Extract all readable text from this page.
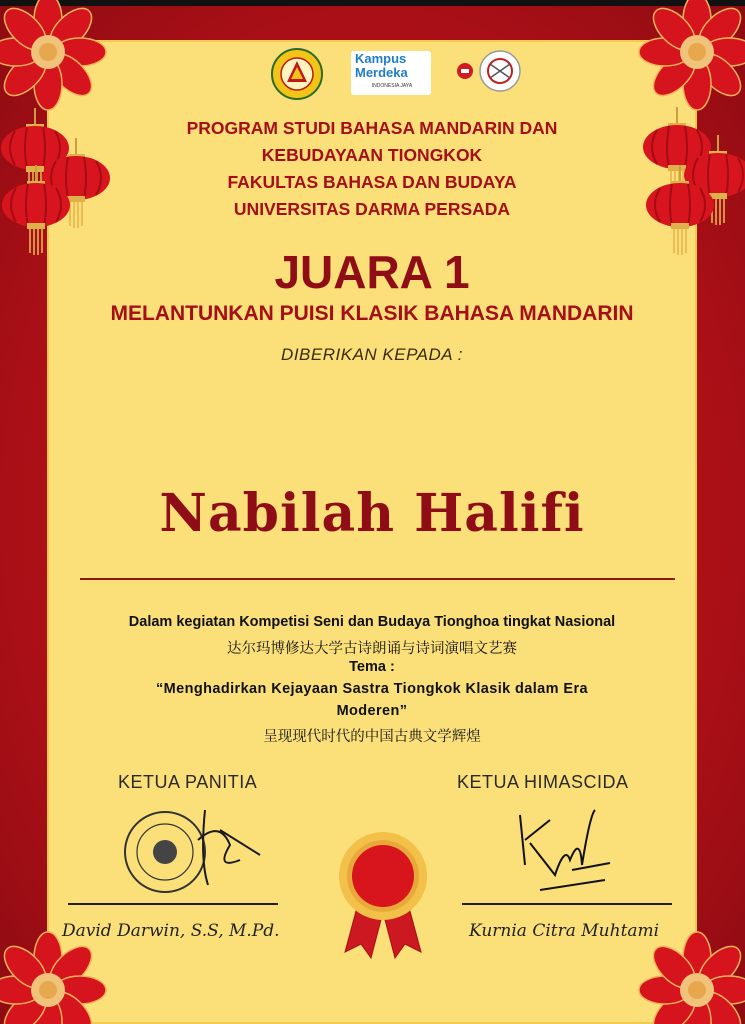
Kampus
Merdeka
INDONESIA JAYA
PROGRAM STUDI BAHASA MANDARIN DAN
KEBUDAYAAN TIONGKOK
FAKULTAS BAHASA DAN BUDAYA
UNIVERSITAS DARMA PERSADA
JUARA 1
MELANTUNKAN PUISI KLASIK BAHASA MANDARIN
DIBERIKAN KEPADA :
Nabilah Halifi
Dalam kegiatan Kompetisi Seni dan Budaya Tionghoa tingkat Nasional
达尔玛博修达大学古诗朗诵与诗词演唱文艺赛
Tema :
“Menghadirkan Kejayaan Sastra Tiongkok Klasik dalam Era
Moderen”
呈现现代时代的中国古典文学辉煌
KETUA PANITIA	KETUA HIMASCIDA
David Darwin, S.S, M.Pd.	Kurnia Citra Muhtami
